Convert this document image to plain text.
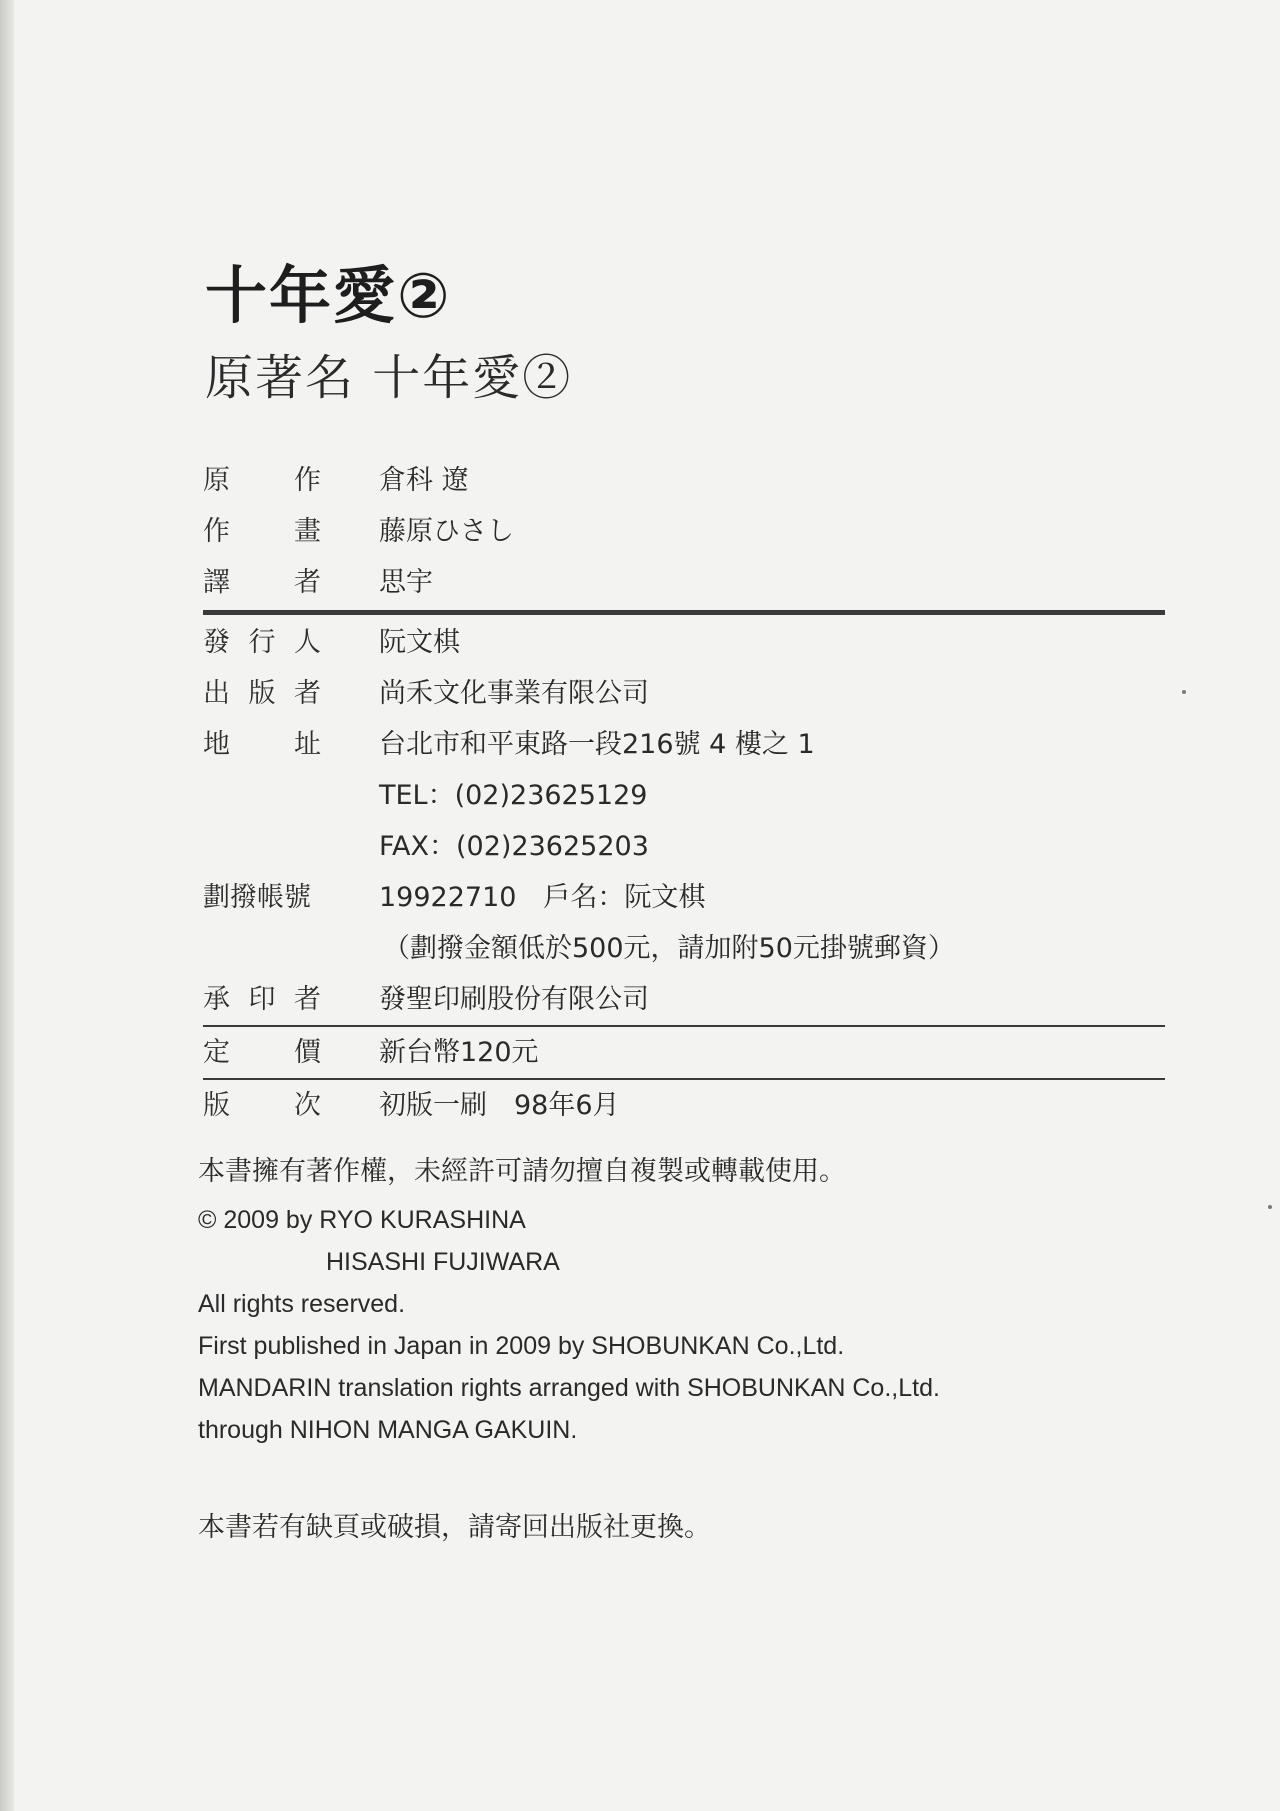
十年愛②
原著名 十年愛②
原 作 倉科 遼
作 畫 藤原ひさし
譯 者 思宇
發 行 人 阮文棋
出 版 者 尚禾文化事業有限公司
地 址 台北市和平東路一段216號 4 樓之 1
TEL：(02)23625129
FAX：(02)23625203
劃撥帳號	19922710　戶名：阮文棋
（劃撥金額低於500元，請加附50元掛號郵資）
承 印 者 發聖印刷股份有限公司
定 價 新台幣120元
版 次 初版一刷　98年6月
本書擁有著作權，未經許可請勿擅自複製或轉載使用。
© 2009 by RYO KURASHINA
HISASHI FUJIWARA
All rights reserved.
First published in Japan in 2009 by SHOBUNKAN Co.,Ltd.
MANDARIN translation rights arranged with SHOBUNKAN Co.,Ltd.
through NIHON MANGA GAKUIN.
本書若有缺頁或破損，請寄回出版社更換。
